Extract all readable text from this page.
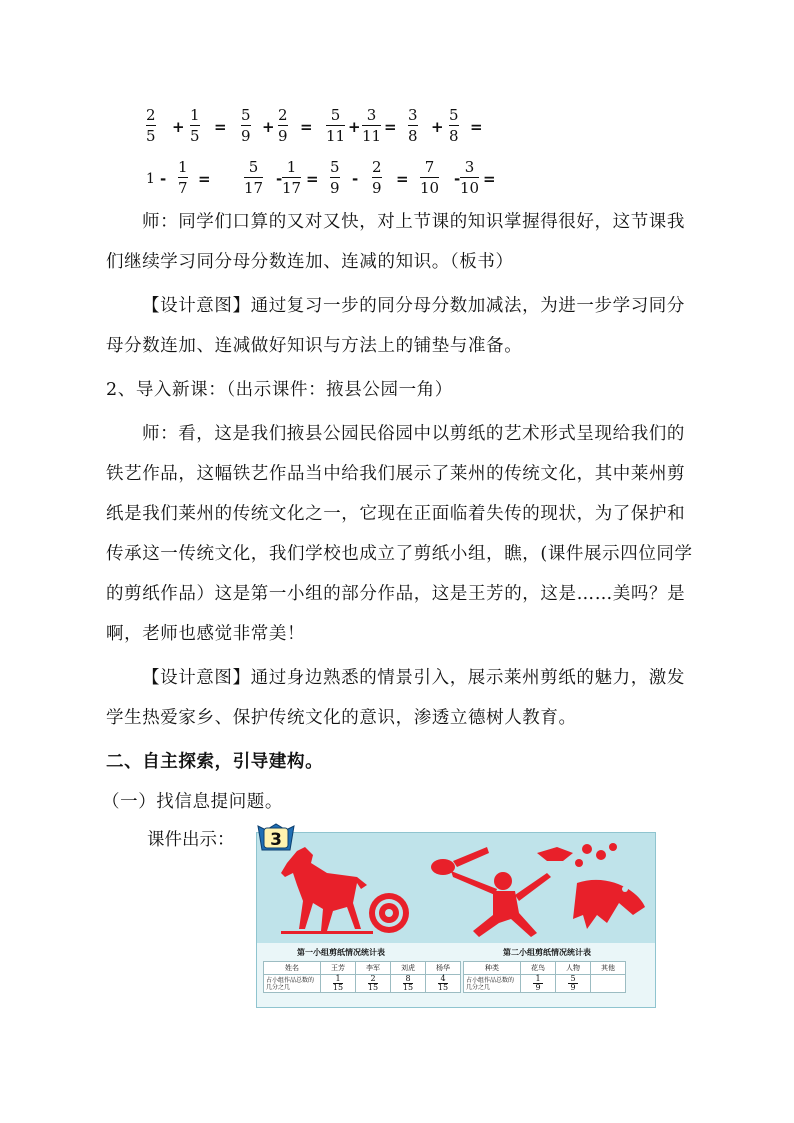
2
5 +
1
5 =
5
9 +
2
9 =
5
11 +
3
11 =
3
8 +
5
8 =
1 -
1
7 =
5
17 -
1
17 =
5
9 -
2
9 =
7
10 -
3
10 =

师：同学们口算的又对又快，对上节课的知识掌握得很好，这节课我们继续学习同分母分数连加、连减的知识。（板书）

【设计意图】通过复习一步的同分母分数加减法，为进一步学习同分母分数连加、连减做好知识与方法上的铺垫与准备。

2、导入新课：（出示课件：掖县公园一角）

师：看，这是我们掖县公园民俗园中以剪纸的艺术形式呈现给我们的铁艺作品，这幅铁艺作品当中给我们展示了莱州的传统文化，其中莱州剪纸是我们莱州的传统文化之一，它现在正面临着失传的现状，为了保护和传承这一传统文化，我们学校也成立了剪纸小组，瞧，(课件展示四位同学的剪纸作品）这是第一小组的部分作品，这是王芳的，这是……美吗？是啊，老师也感觉非常美！

【设计意图】通过身边熟悉的情景引入，展示莱州剪纸的魅力，激发学生热爱家乡、保护传统文化的意识，渗透立德树人教育。

二、自主探索，引导建构。

（一）找信息提问题。

课件出示：
第一小组剪纸情况统计表
姓名	王芳	李军	刘虎	杨华
占小组作品总数的几分之几	$\frac{1}{15}$	$\frac{2}{15}$	$\frac{8}{15}$	$\frac{4}{15}$
第二小组剪纸情况统计表
种类	花鸟	人物	其他
占小组作品总数的几分之几	$\frac{1}{9}$	$\frac{5}{9}$

3
